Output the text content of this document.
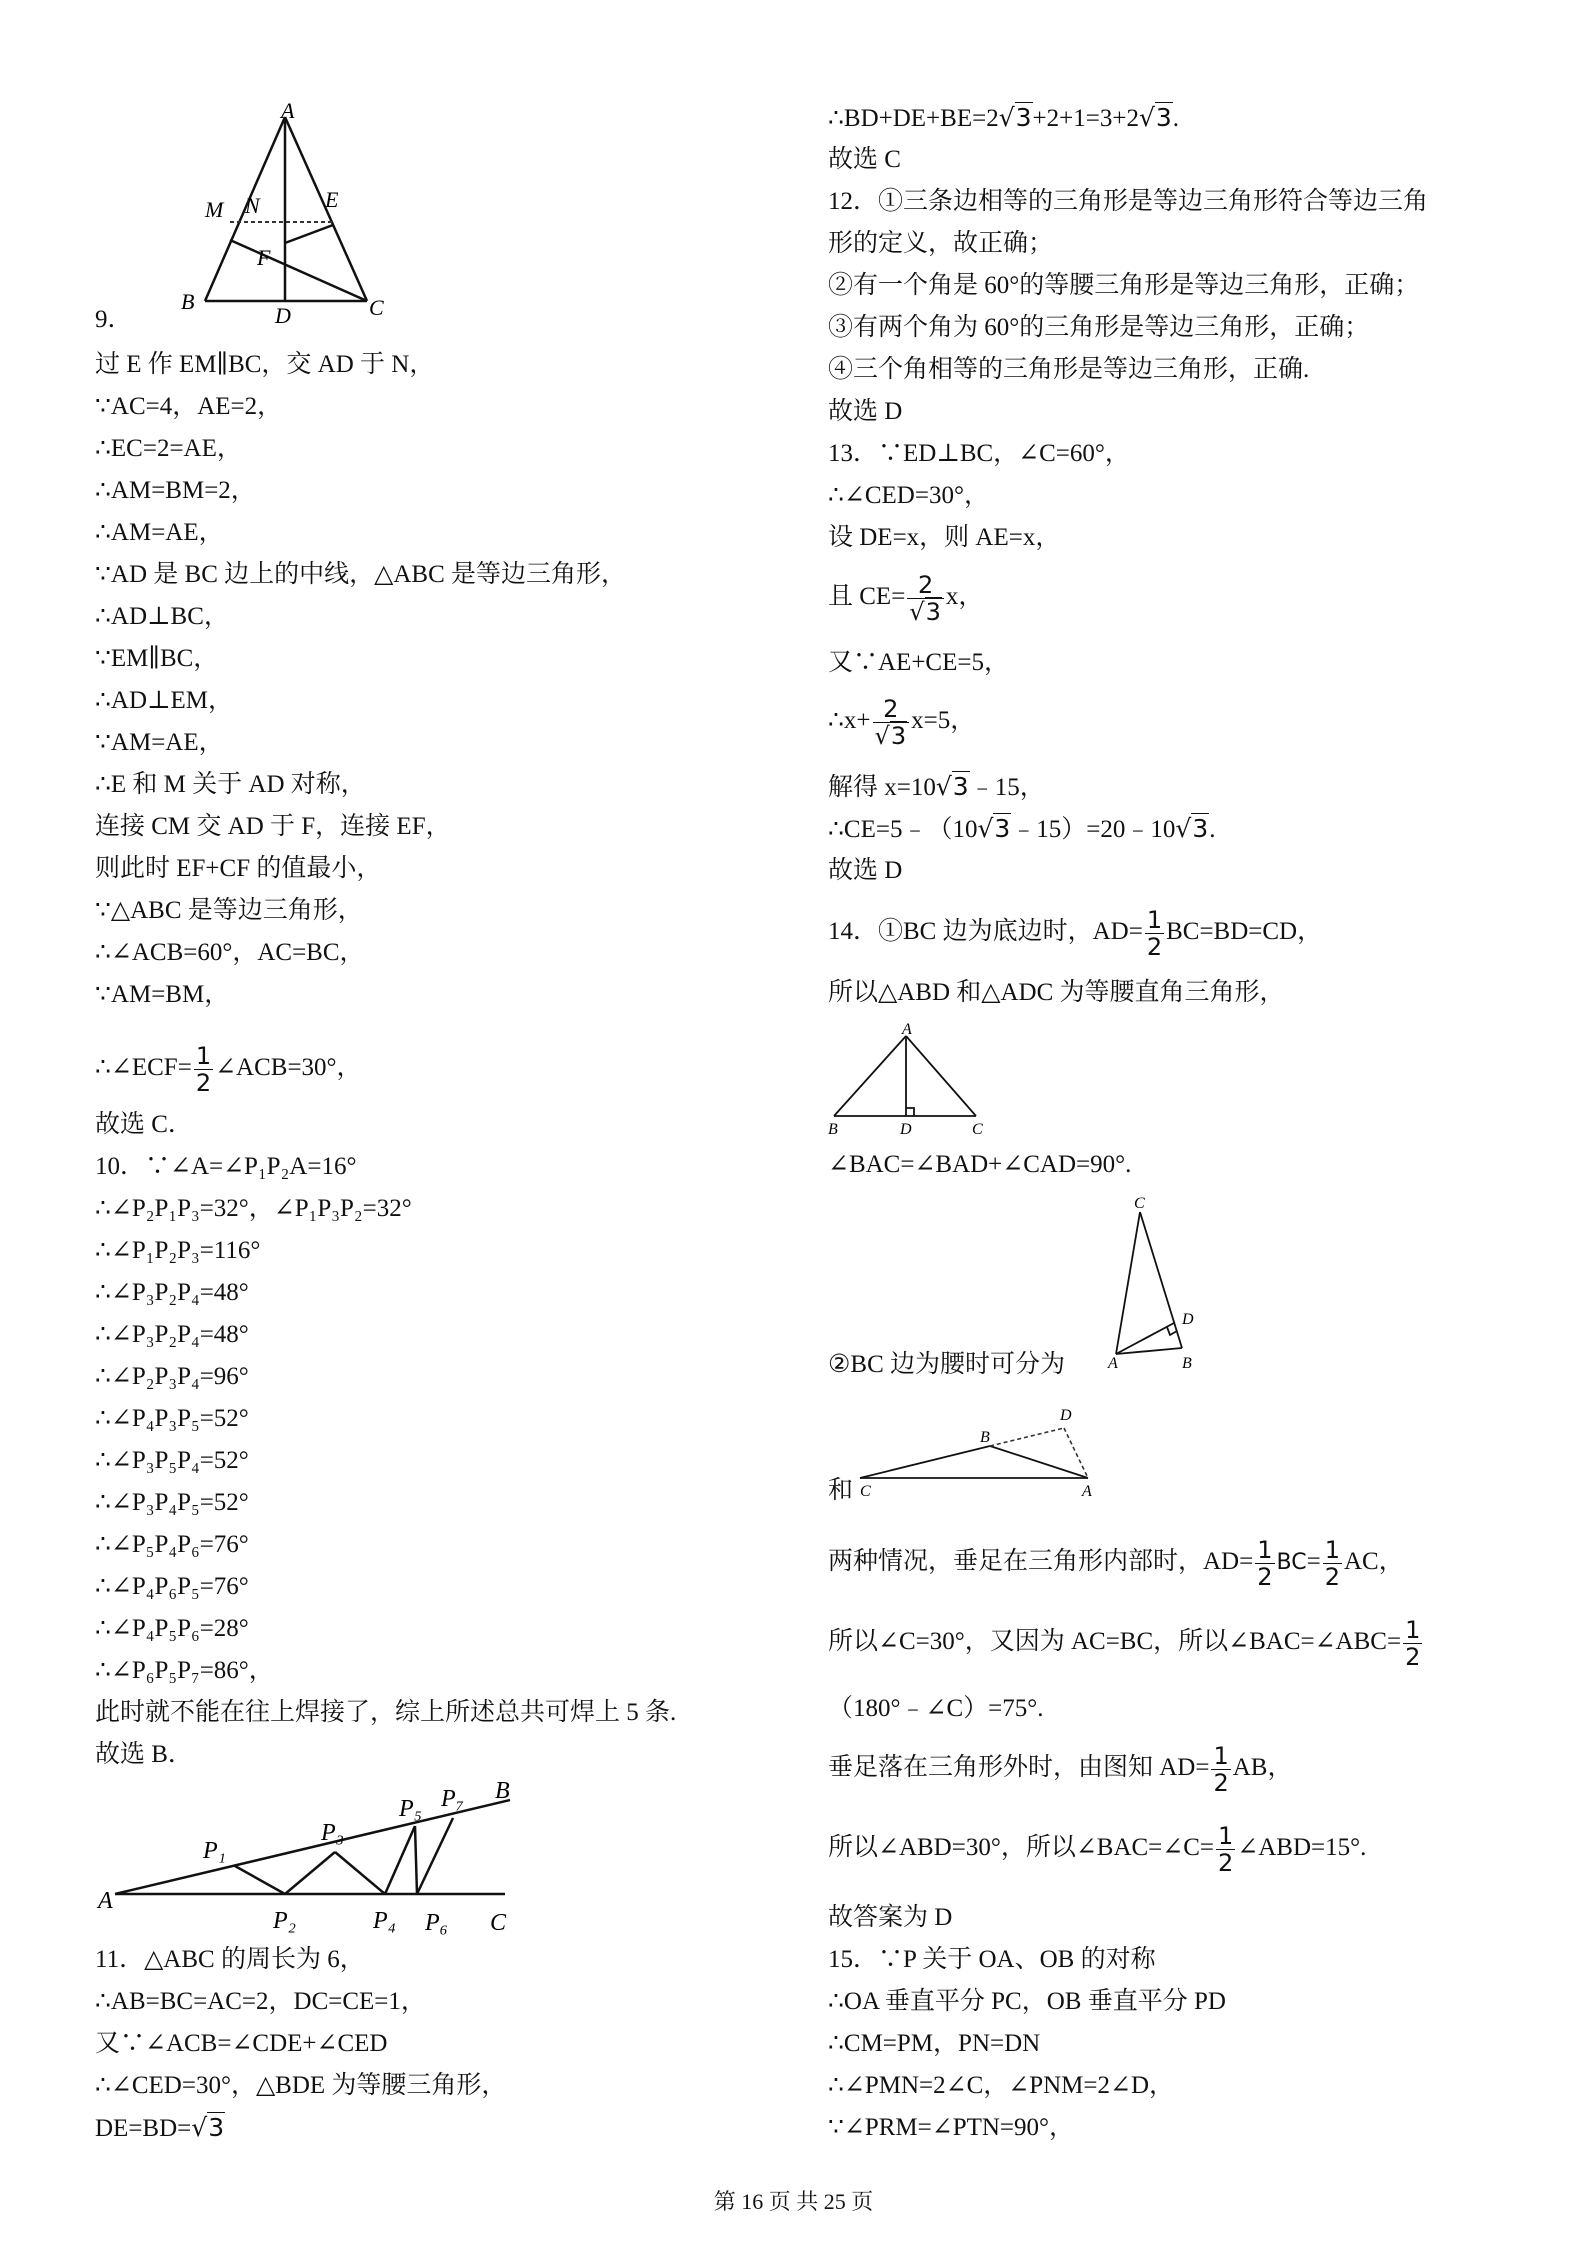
A
M N	E
F
B
D	C
9．
过 E 作 EM∥BC，交 AD 于 N，
∵AC=4，AE=2，
∴EC=2=AE，
∴AM=BM=2，
∴AM=AE，
∵AD 是 BC 边上的中线，△ABC 是等边三角形，
∴AD⊥BC，
∵EM∥BC，
∴AD⊥EM，
∵AM=AE，
∴E 和 M 关于 AD 对称，
连接 CM 交 AD 于 F，连接 EF，
则此时 EF+CF 的值最小，
∵△ABC 是等边三角形，
∴∠ACB=60°，AC=BC，
∵AM=BM，
∴∠ECF= $\frac{1}{2}$ ∠ACB=30°，
故选 C．
10．∵∠A=∠P₁P₂A=16°
∴∠P₂P₁P₃=32°，∠P₁P₃P₂=32°
∴∠P₁P₂P₃=116°
∴∠P₃P₂P₄=48°
∴∠P₃P₂P₄=48°
∴∠P₂P₃P₄=96°
∴∠P₄P₃P₅=52°
∴∠P₃P₅P₄=52°
∴∠P₃P₄P₅=52°
∴∠P₅P₄P₆=76°
∴∠P₄P₆P₅=76°
∴∠P₄P₅P₆=28°
∴∠P₆P₅P₇=86°，
此时就不能在往上焊接了，综上所述总共可焊上 5 条.
故选 B．
A
B
C
P₁
P₂
P₃
P₄
P₅
P₆
P₇
11．△ABC 的周长为 6，
∴AB=BC=AC=2，DC=CE=1，
又∵∠ACB=∠CDE+∠CED
∴∠CED=30°，△BDE 为等腰三角形，
DE=BD=√3
∴BD+DE+BE=2√3+2+1=3+2√3.
故选 C
12．①三条边相等的三角形是等边三角形符合等边三角
形的定义，故正确；
②有一个角是 60°的等腰三角形是等边三角形，正确；
③有两个角为 60°的三角形是等边三角形，正确；
④三个角相等的三角形是等边三角形，正确.
故选 D
13．∵ED⊥BC，∠C=60°，
∴∠CED=30°，
设 DE=x，则 AE=x，
且 $CE= \frac{2}{√3}$ x，
又∵AE+CE=5，
∴x+ $\frac{2}{√3} x=5$，
解得 x=10√3﹣15，
∴CE=5﹣（10√3﹣15）=20﹣10√3.
故选 D
14．①BC 边为底边时，$AD= \frac{1}{2} BC=BD=CD$，
所以△ABD 和△ADC 为等腰直角三角形，
A
B	D	C
∠BAC=∠BAD+∠CAD=90°.
C
D
A	B
②BC 边为腰时可分为
B
D
C	A
和
两种情况，垂足在三角形内部时，$AD= \frac{1}{2} BC= \frac{1}{2}$ AC，
所以∠C=30°，又因为 AC=BC，所以∠BAC=∠ABC= $\frac{1}{2}$
（180°﹣∠C）=75°.
垂足落在三角形外时，由图知 $AD= \frac{1}{2}$ AB，
所以∠ABD=30°，所以∠BAC=∠C= $\frac{1}{2}$ ∠ABD=15°.
故答案为 D
15．∵P 关于 OA、OB 的对称
∴OA 垂直平分 PC，OB 垂直平分 PD
∴CM=PM，PN=DN
∴∠PMN=2∠C，∠PNM=2∠D，
∵∠PRM=∠PTN=90°，
第 16 页 共 25 页
